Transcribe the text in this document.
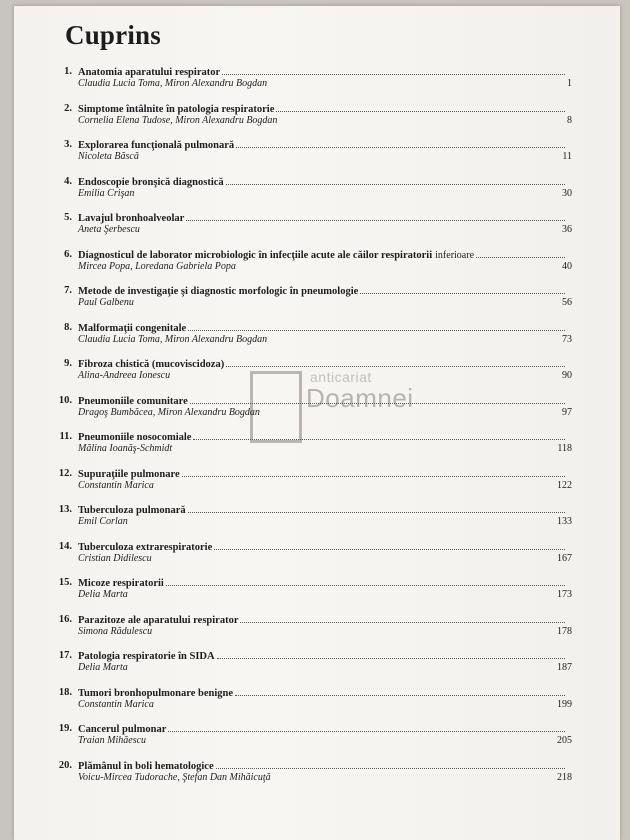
Cuprins
anticariat
Doamnei
1. Anatomia aparatului respirator
Claudia Lucia Toma, Miron Alexandru Bogdan	1
2. Simptome întâlnite în patologia respiratorie
Cornelia Elena Tudose, Miron Alexandru Bogdan	8
3. Explorarea funcţională pulmonară
Nicoleta Băscă	11
4. Endoscopie bronşică diagnostică
Emilia Crişan	30
5. Lavajul bronhoalveolar
Aneta Şerbescu	36
6. Diagnosticul de laborator microbiologic în infecţiile acute ale căilor respiratorii inferioare
Mircea Popa, Loredana Gabriela Popa	40
7. Metode de investigaţie şi diagnostic morfologic în pneumologie
Paul Galbenu	56
8. Malformaţii congenitale
Claudia Lucia Toma, Miron Alexandru Bogdan	73
9. Fibroza chistică (mucoviscidoza)
Alina-Andreea Ionescu	90
10. Pneumoniile comunitare
Dragoş Bumbăcea, Miron Alexandru Bogdan	97
11. Pneumoniile nosocomiale
Mălina Ioanăş-Schmidt	118
12. Supuraţiile pulmonare
Constantin Marica	122
13. Tuberculoza pulmonară
Emil Corlan	133
14. Tuberculoza extrarespiratorie
Cristian Didilescu	167
15. Micoze respiratorii
Delia Marta	173
16. Parazitoze ale aparatului respirator
Simona Rădulescu	178
17. Patologia respiratorie în SIDA
Delia Marta	187
18. Tumori bronhopulmonare benigne
Constantin Marica	199
19. Cancerul pulmonar
Traian Mihăescu	205
20. Plămânul în boli hematologice
Voicu-Mircea Tudorache, Ştefan Dan Mihăicuţă	218
